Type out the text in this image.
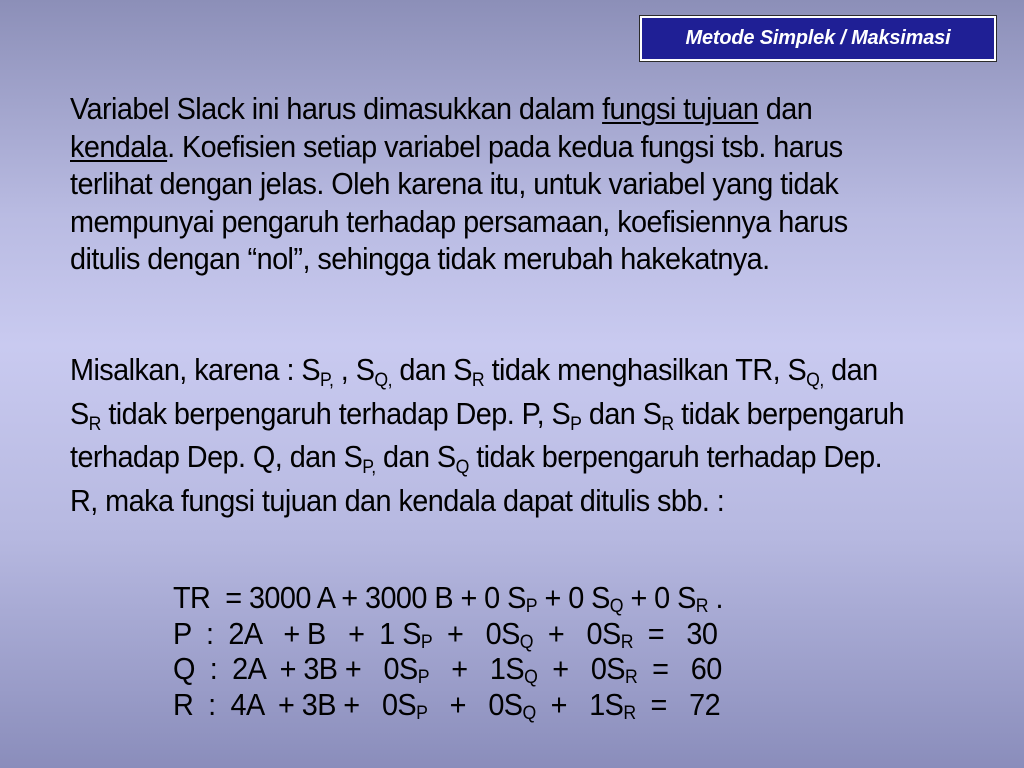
Metode Simplek / Maksimasi
Variabel Slack ini harus dimasukkan dalam fungsi tujuan dan kendala. Koefisien setiap variabel pada kedua fungsi tsb. harus terlihat dengan jelas. Oleh karena itu, untuk variabel yang tidak mempunyai pengaruh terhadap persamaan, koefisiennya harus ditulis dengan “nol”, sehingga tidak merubah hakekatnya.
Misalkan, karena : $S_{P,}$ , $S_{Q,}$ dan $S_R$ tidak menghasilkan TR, $S_{Q,}$ dan $S_R$ tidak berpengaruh terhadap Dep. P, $S_P$ dan $S_R$ tidak berpengaruh terhadap Dep. Q, dan $S_{P,}$ dan $S_Q$ tidak berpengaruh terhadap Dep. R, maka fungsi tujuan dan kendala dapat ditulis sbb. :
TR  = 3000 A + 3000 B + 0 $S_P + 0$ $S_Q + 0$ $S_R$ .
P  :  2A   + B   +  1 $S_P + 0S_Q + 0S_R = 30$
Q  :  $2A + 3B + 0S_P + 1S_Q + 0S_R = 60$
R  :  $4A + 3B + 0S_P + 0S_Q + 1S_R = 72$
